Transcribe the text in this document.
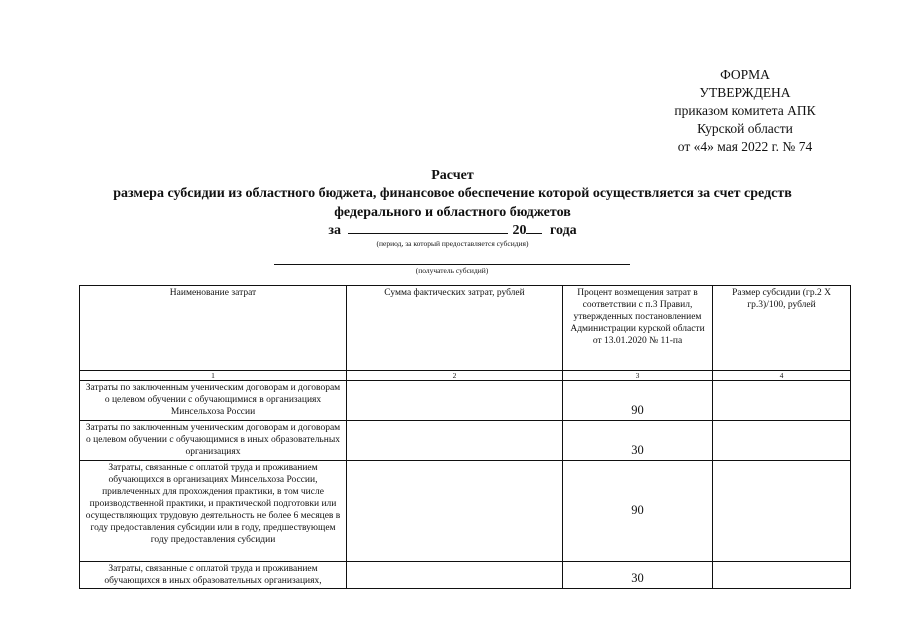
ФОРМА
УТВЕРЖДЕНА
приказом комитета АПК
Курской области
от «4» мая 2022 г. № 74
Расчет
размера субсидии из областного бюджета, финансовое обеспечение которой осуществляется за счет средств
федерального и областного бюджетов
за	20 года
(период, за который предоставляется субсидия)
(получатель субсидий)
Наименование затрат	Сумма фактических затрат, рублей	Процент возмещения затрат в соответствии с п.3 Правил, утвержденных постановлением Администрации курской области от 13.01.2020 № 11-па	Размер субсидии (гр.2 X гр.3)/100, рублей
1	2	3	4
Затраты по заключенным ученическим договорам и договорам о целевом обучении с обучающимися в организациях Минсельхоза России		90	
Затраты по заключенным ученическим договорам и договорам о целевом обучении с обучающимися в иных образовательных организациях		30	
Затраты, связанные с оплатой труда и проживанием обучающихся в организациях Минсельхоза России, привлеченных для прохождения практики, в том числе производственной практики, и практической подготовки или осуществляющих трудовую деятельность не более 6 месяцев в году предоставления субсидии или в году, предшествующем году предоставления субсидии		90	
Затраты, связанные с оплатой труда и проживанием обучающихся в иных образовательных организациях,		30	
